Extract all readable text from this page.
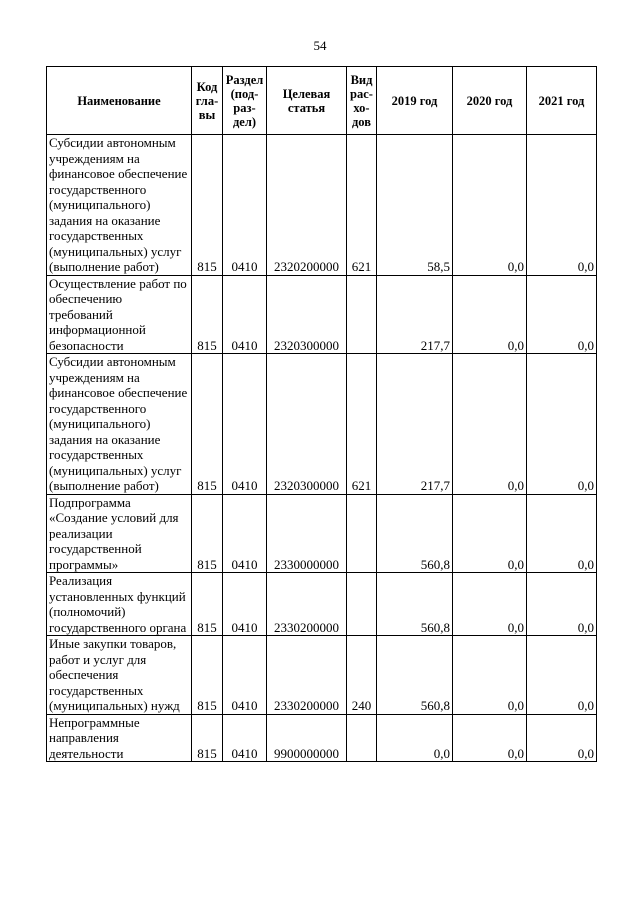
54
Наименование	Код гла- вы	Раздел (под- раз- дел)	Целевая статья	Вид рас- хо- дов	2019 год	2020 год	2021 год
Субсидии автономным учреждениям на финансовое обеспечение государственного (муниципального) задания на оказание государственных (муниципальных) услуг (выполнение работ)	815	0410	2320200000	621	58,5	0,0	0,0
Осуществление работ по обеспечению требований информационной безопасности	815	0410	2320300000		217,7	0,0	0,0
Субсидии автономным учреждениям на финансовое обеспечение государственного (муниципального) задания на оказание государственных (муниципальных) услуг (выполнение работ)	815	0410	2320300000	621	217,7	0,0	0,0
Подпрограмма «Создание условий для реализации государственной программы»	815	0410	2330000000		560,8	0,0	0,0
Реализация установленных функций (полномочий) государственного органа	815	0410	2330200000		560,8	0,0	0,0
Иные закупки товаров, работ и услуг для обеспечения государственных (муниципальных) нужд	815	0410	2330200000	240	560,8	0,0	0,0
Непрограммные направления деятельности	815	0410	9900000000		0,0	0,0	0,0
